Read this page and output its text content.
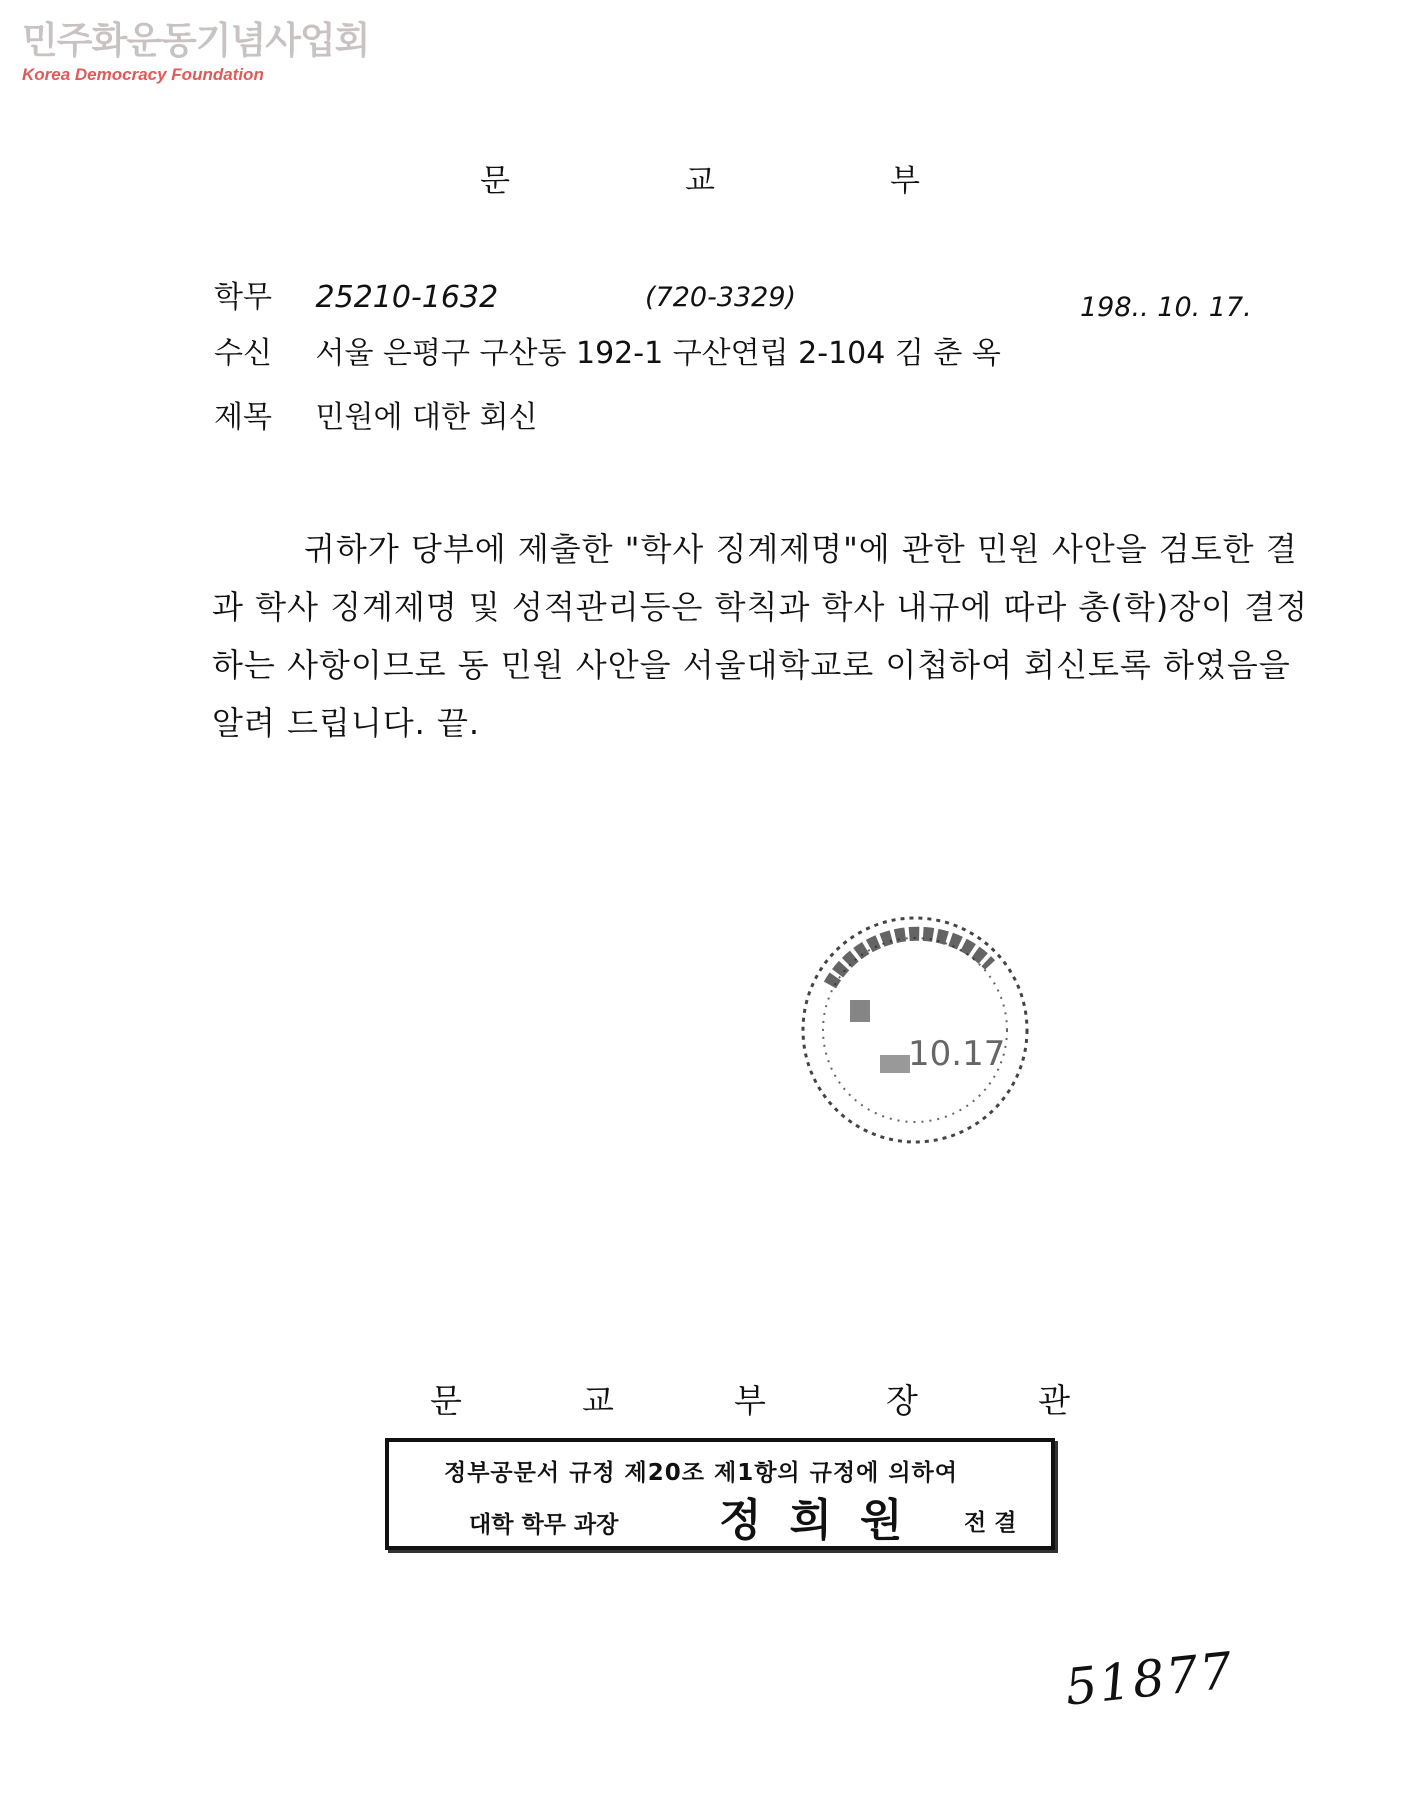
민주화운동기념사업회
Korea Democracy Foundation
문	교	부
학무 25210-1632	(720-3329)	198.. 10. 17.
수신 서울 은평구 구산동 192-1 구산연립 2-104 김 춘 옥
제목 민원에 대한 회신
귀하가 당부에 제출한 "학사 징계제명"에 관한 민원 사안을 검토한 결과 학사 징계제명 및 성적관리등은 학칙과 학사 내규에 따라 총(학)장이 결정하는 사항이므로 동 민원 사안을 서울대학교로 이첩하여 회신토록 하였음을 알려 드립니다. 끝.
10.17
문	교	부	장	관
정부공문서 규정 제20조 제1항의 규정에 의하여
대학 학무 과장 정희원 전결
51877
